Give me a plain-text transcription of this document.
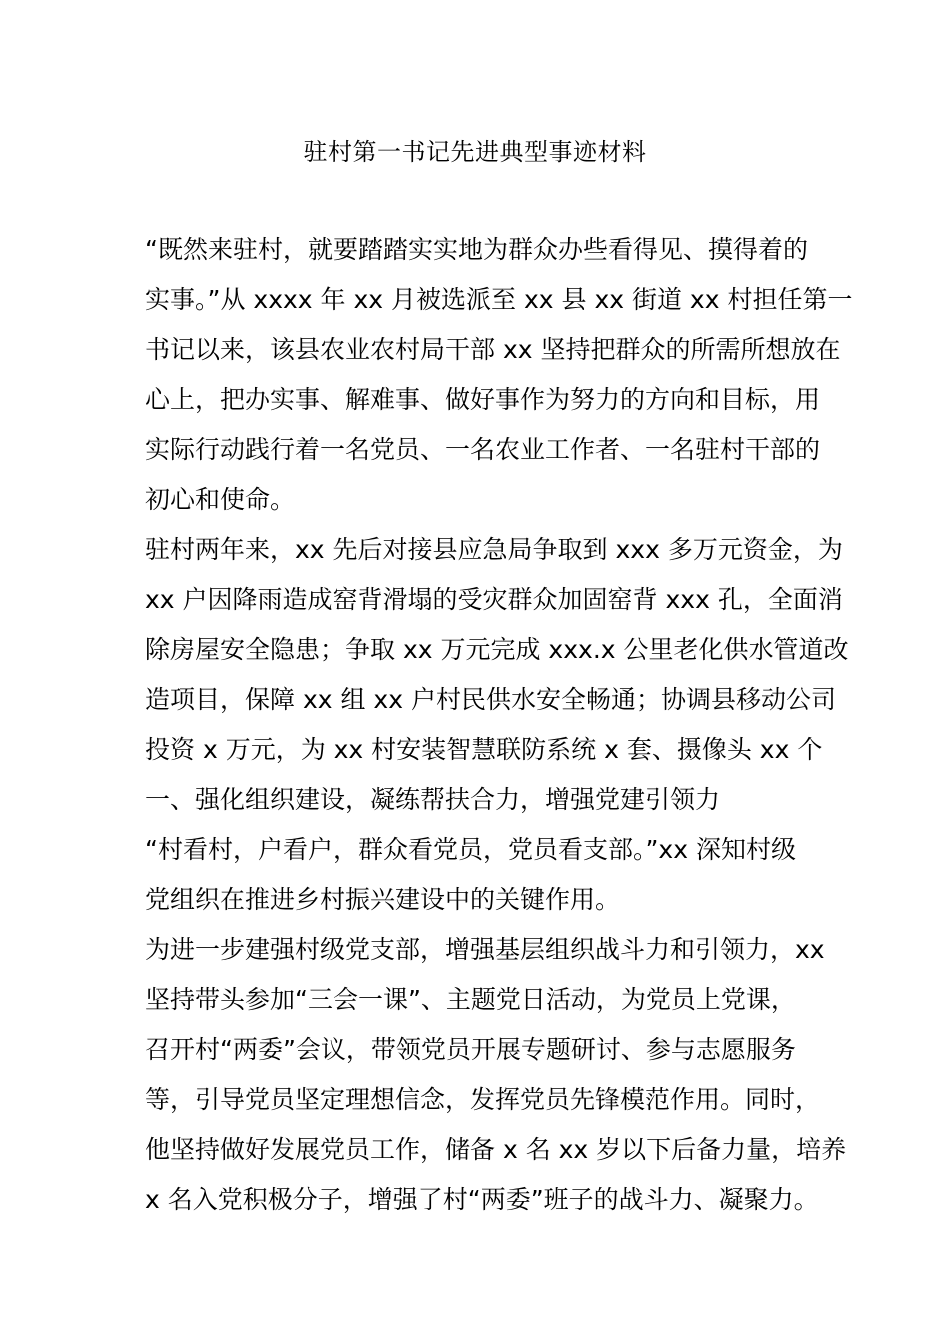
驻村第一书记先进典型事迹材料

“既然来驻村，就要踏踏实实地为群众办些看得见、摸得着的

实事。”从 xxxx 年 xx 月被选派至 xx 县 xx 街道 xx 村担任第一

书记以来，该县农业农村局干部 xx 坚持把群众的所需所想放在

心上，把办实事、解难事、做好事作为努力的方向和目标，用

实际行动践行着一名党员、一名农业工作者、一名驻村干部的

初心和使命。

驻村两年来，xx 先后对接县应急局争取到 xxx 多万元资金，为

xx 户因降雨造成窑背滑塌的受灾群众加固窑背 xxx 孔，全面消

除房屋安全隐患；争取 xx 万元完成 xxx.x 公里老化供水管道改

造项目，保障 xx 组 xx 户村民供水安全畅通；协调县移动公司

投资 x 万元，为 xx 村安装智慧联防系统 x 套、摄像头 xx 个

一、强化组织建设，凝练帮扶合力，增强党建引领力

“村看村，户看户，群众看党员，党员看支部。”xx 深知村级

党组织在推进乡村振兴建设中的关键作用。

为进一步建强村级党支部，增强基层组织战斗力和引领力，xx

坚持带头参加“三会一课”、主题党日活动，为党员上党课，

召开村“两委”会议，带领党员开展专题研讨、参与志愿服务

等，引导党员坚定理想信念，发挥党员先锋模范作用。同时，

他坚持做好发展党员工作，储备 x 名 xx 岁以下后备力量，培养

x 名入党积极分子，增强了村“两委”班子的战斗力、凝聚力。
